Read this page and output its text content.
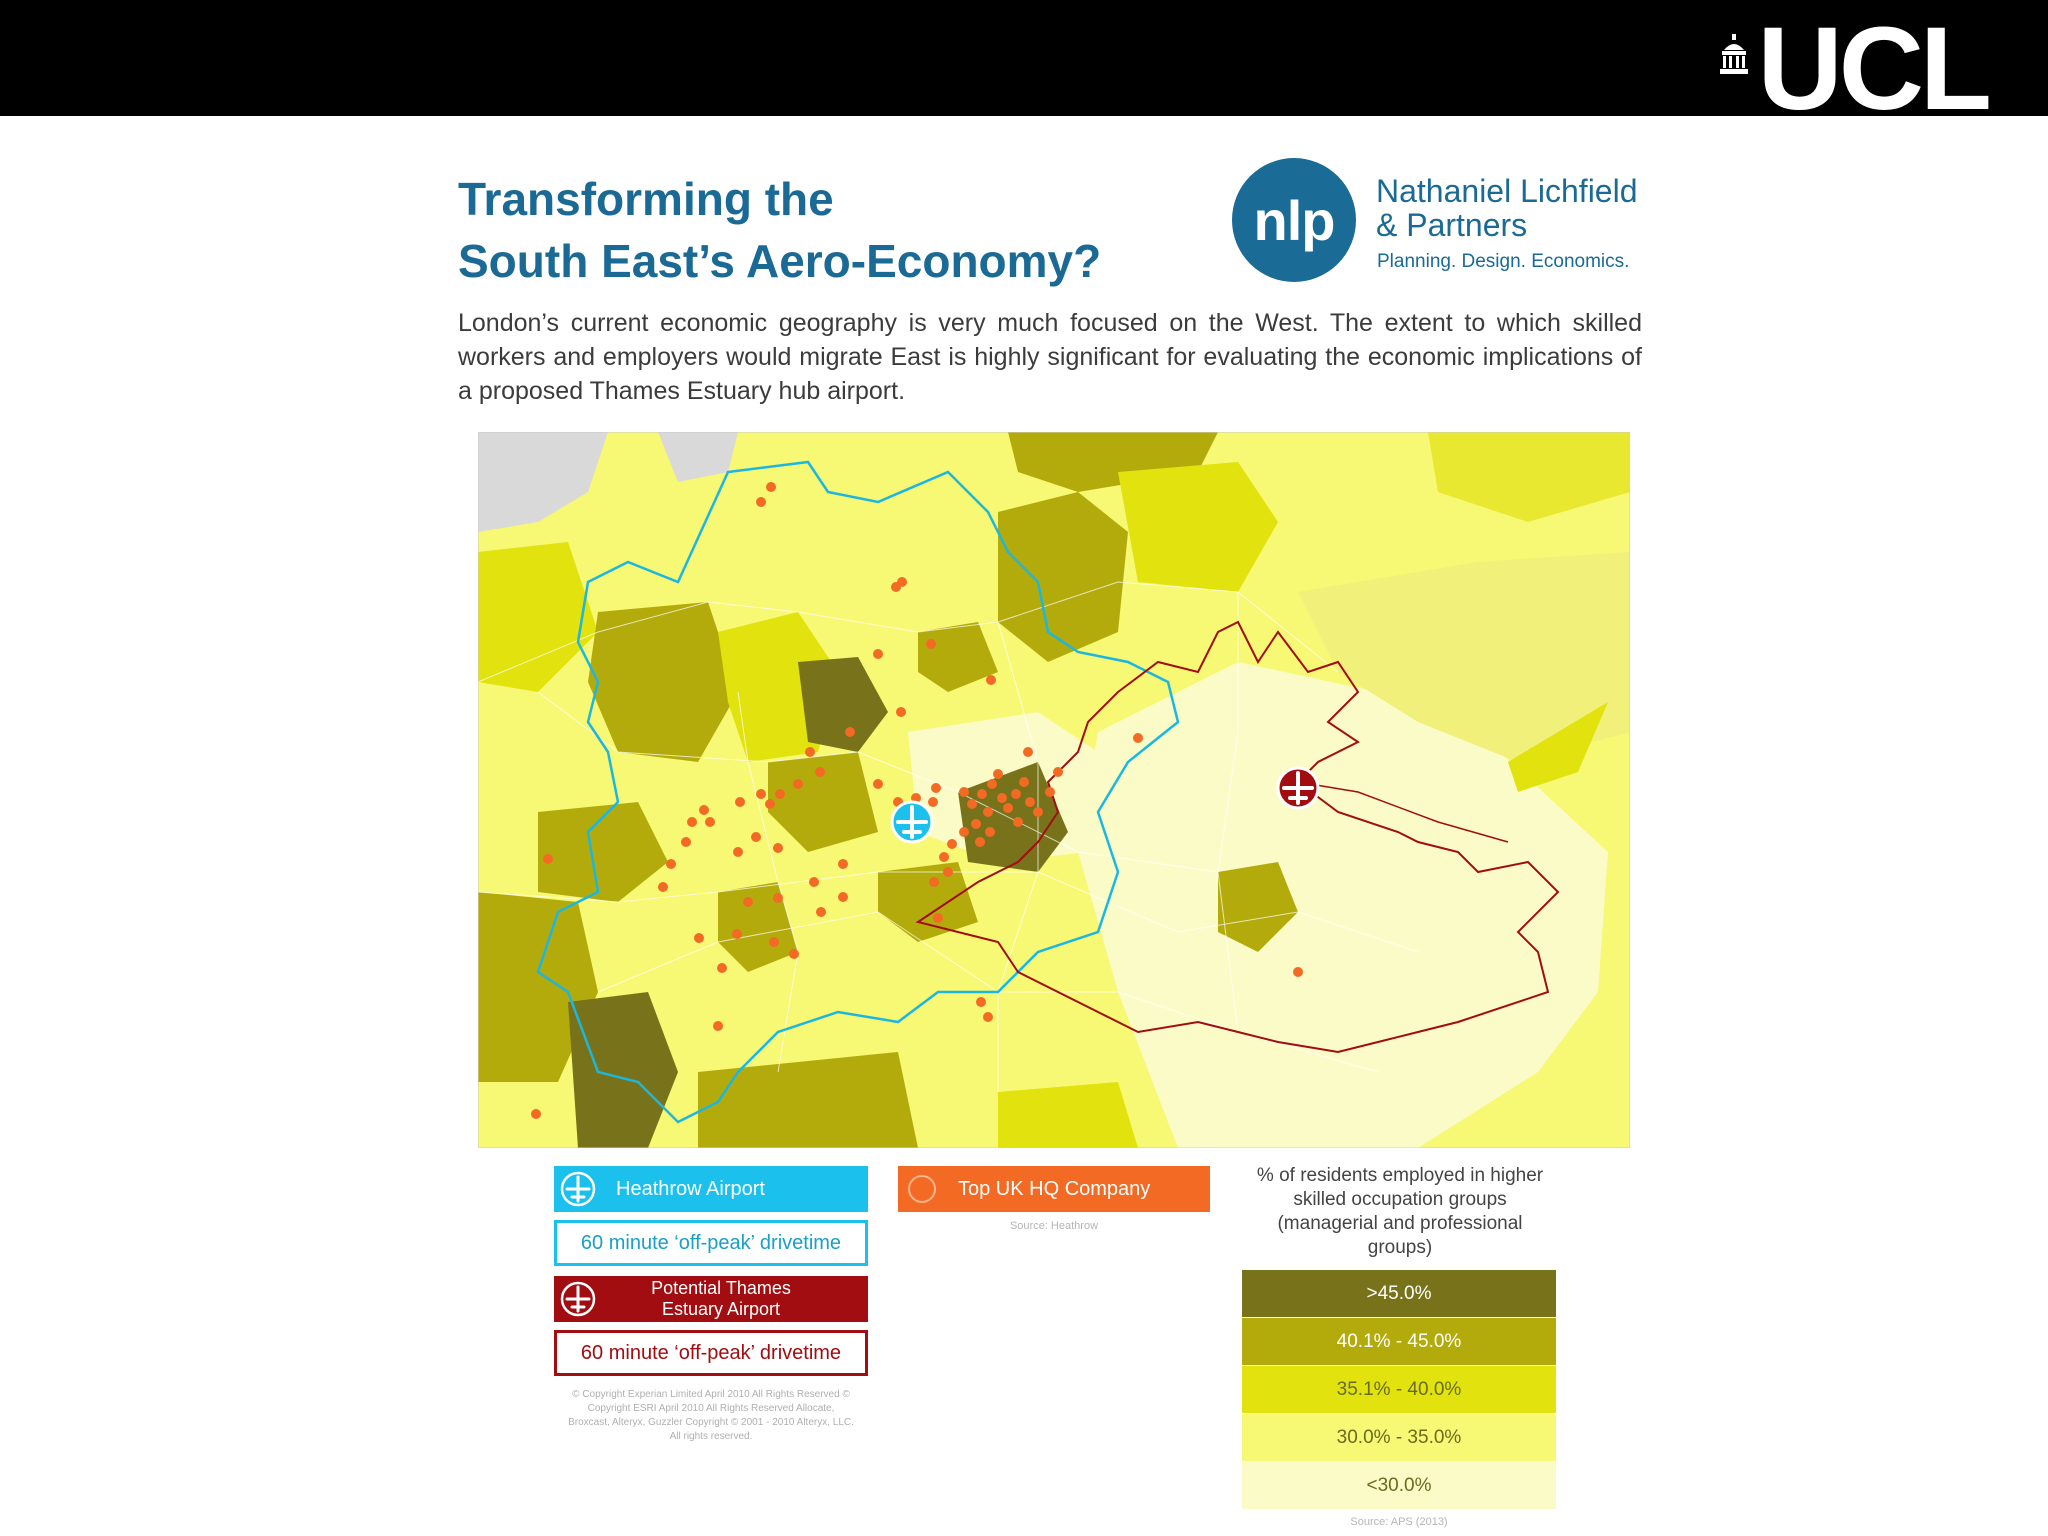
UCL
Transforming the
South East’s Aero-Economy?
nlp	Nathaniel Lichfield
& Partners
Planning. Design. Economics.
London’s current economic geography is very much focused on the West. The extent to which skilled workers and employers would migrate East is highly significant for evaluating the economic implications of a proposed Thames Estuary hub airport.
Heathrow Airport
60 minute ‘off-peak’ drivetime
Potential Thames
Estuary Airport
60 minute ‘off-peak’ drivetime
© Copyright Experian Limited April 2010 All Rights Reserved © Copyright ESRI April 2010 All Rights Reserved Allocate, Broxcast, Alteryx, Guzzler Copyright © 2001 - 2010 Alteryx, LLC. All rights reserved.
Top UK HQ Company
Source: Heathrow
% of residents employed in higher skilled occupation groups (managerial and professional groups)
>45.0%
40.1% - 45.0%
35.1% - 40.0%
30.0% - 35.0%
<30.0%
Source: APS (2013)
